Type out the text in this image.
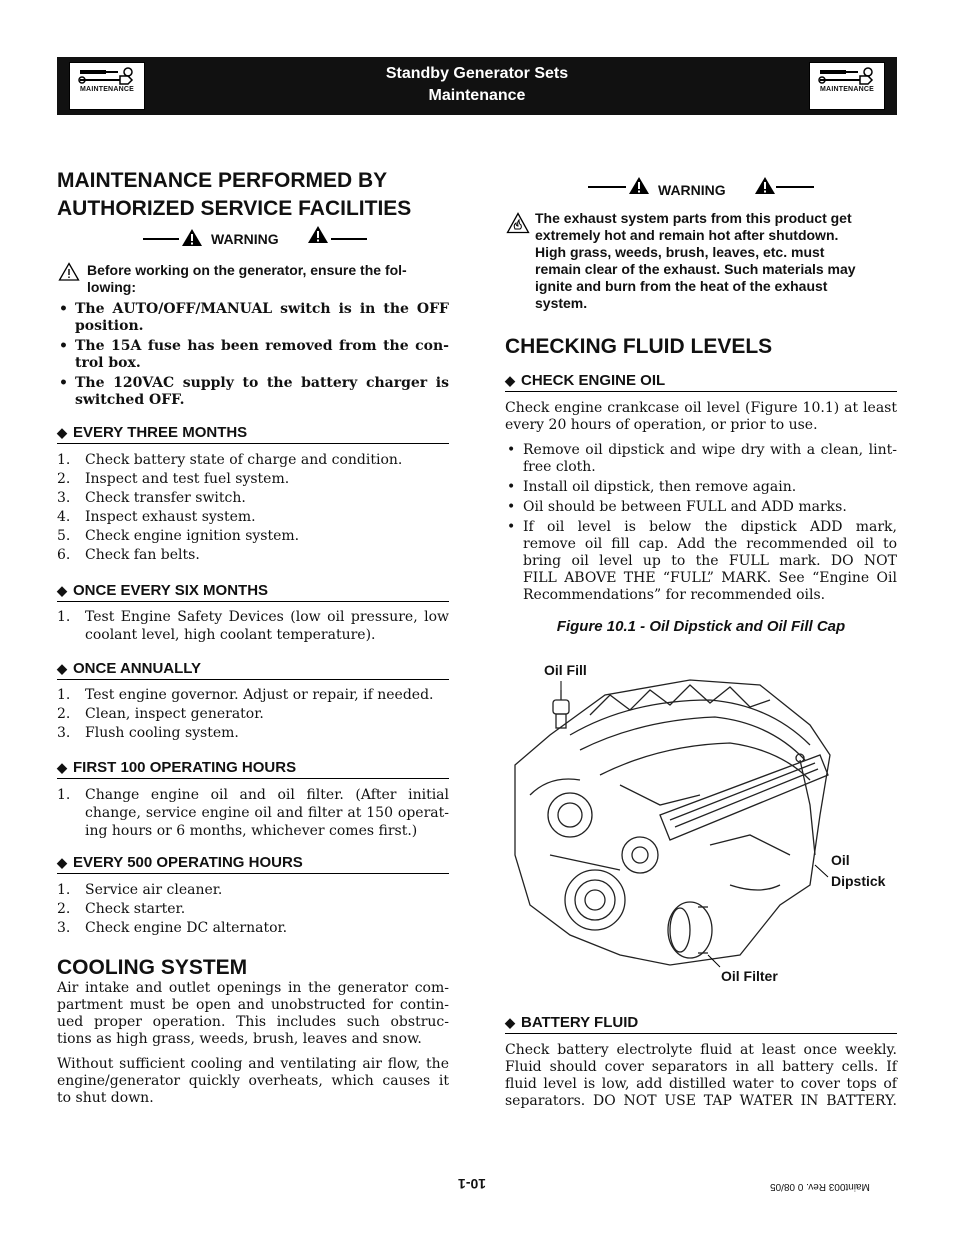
MAINTENANCE
Standby Generator Sets
Maintenance	MAINTENANCE
MAINTENANCE PERFORMED BY
AUTHORIZED SERVICE FACILITIES
WARNING
Before working on the generator, ensure the fol-
lowing:
• The AUTO/OFF/MANUAL switch is in the OFF
position.
• The 15A fuse has been removed from the con-
trol box.
• The 120VAC supply to the battery charger is
switched OFF.
◆ EVERY THREE MONTHS
1. Check battery state of charge and condition.
2. Inspect and test fuel system.
3. Check transfer switch.
4. Inspect exhaust system.
5. Check engine ignition system.
6. Check fan belts.
◆ ONCE EVERY SIX MONTHS
1. Test Engine Safety Devices (low oil pressure, low
coolant level, high coolant temperature).
◆ ONCE ANNUALLY
1. Test engine governor. Adjust or repair, if needed.
2. Clean, inspect generator.
3. Flush cooling system.
◆ FIRST 100 OPERATING HOURS
1. Change engine oil and oil filter. (After initial
change, service engine oil and filter at 150 operat-
ing hours or 6 months, whichever comes first.)
◆ EVERY 500 OPERATING HOURS
1. Service air cleaner.
2. Check starter.
3. Check engine DC alternator.
COOLING SYSTEM
Air intake and outlet openings in the generator com-
partment must be open and unobstructed for contin-
ued proper operation. This includes such obstruc-
tions as high grass, weeds, brush, leaves and snow.
Without sufficient cooling and ventilating air flow, the
engine/generator quickly overheats, which causes it
to shut down.
WARNING
The exhaust system parts from this product get
extremely hot and remain hot after shutdown.
High grass, weeds, brush, leaves, etc. must
remain clear of the exhaust. Such materials may
ignite and burn from the heat of the exhaust
system.
CHECKING FLUID LEVELS
◆ CHECK ENGINE OIL
Check engine crankcase oil level (Figure 10.1) at least
every 20 hours of operation, or prior to use.
• Remove oil dipstick and wipe dry with a clean, lint-
free cloth.
• Install oil dipstick, then remove again.
• Oil should be between FULL and ADD marks.
• If oil level is below the dipstick ADD mark,
remove oil fill cap. Add the recommended oil to
bring oil level up to the FULL mark. DO NOT
FILL ABOVE THE “FULL” MARK. See “Engine Oil
Recommendations” for recommended oils.
Figure 10.1 - Oil Dipstick and Oil Fill Cap
Oil Fill
Oil
Dipstick
Oil Filter
◆ BATTERY FLUID
Check battery electrolyte fluid at least once weekly.
Fluid should cover separators in all battery cells. If
fluid level is low, add distilled water to cover tops of
separators. DO NOT USE TAP WATER IN BATTERY.
10-1	Maint003 Rev. 0 08/05
